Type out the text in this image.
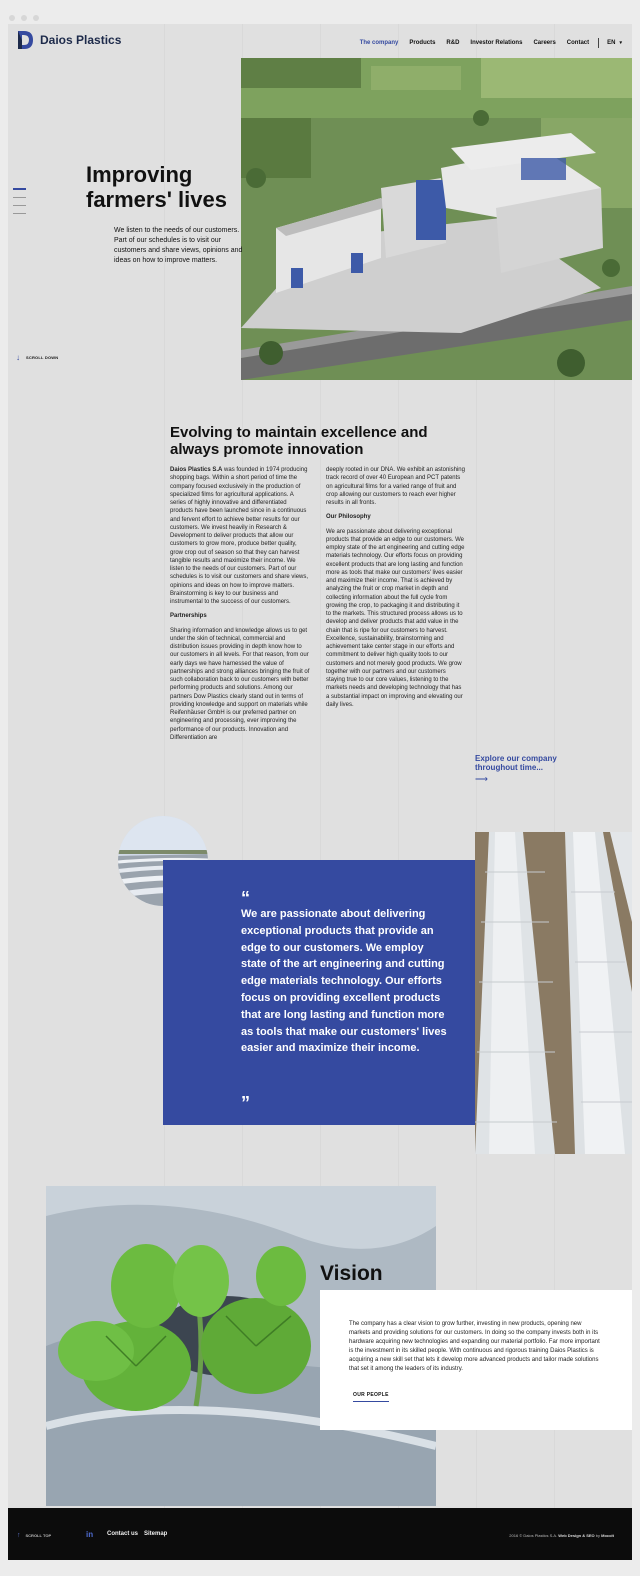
Daios Plastics	The company Products R&D Investor Relations Careers Contact	EN ▾
Improving
farmers' lives

We listen to the needs of our customers. Part of our schedules is to visit our customers and share views, opinions and ideas on how to improve matters.

↓ SCROLL DOWN
Evolving to maintain excellence and always promote innovation

Daios Plastics S.A was founded in 1974 producing shopping bags. Within a short period of time the company focused exclusively in the production of specialized films for agricultural applications. A series of highly innovative and differentiated products have been launched since in a continuous and fervent effort to achieve better results for our customers. We invest heavily in Research & Development to deliver products that allow our customers to grow more, produce better quality, grow crop out of season so that they can harvest tangible results and maximize their income. We listen to the needs of our customers. Part of our schedules is to visit our customers and share views, opinions and ideas on how to improve matters. Brainstorming is key to our business and instrumental to the success of our customers.

Partnerships

Sharing information and knowledge allows us to get under the skin of technical, commercial and distribution issues providing in depth know how to our customers in all levels. For that reason, from our early days we have harnessed the value of partnerships and strong alliances bringing the fruit of such collaboration back to our customers with better performing products and solutions. Among our partners Dow Plastics clearly stand out in terms of providing knowledge and support on materials while Reifenhäuser GmbH is our preferred partner on engineering and processing, ever improving the performance of our products. Innovation and Differentiation are

deeply rooted in our DNA. We exhibit an astonishing track record of over 40 European and PCT patents on agricultural films for a varied range of fruit and crop allowing our customers to reach ever higher results in all fronts.

Our Philosophy

We are passionate about delivering exceptional products that provide an edge to our customers. We employ state of the art engineering and cutting edge materials technology. Our efforts focus on providing excellent products that are long lasting and function more as tools that make our customers' lives easier and maximize their income. That is achieved by analyzing the fruit or crop market in depth and collecting information about the full cycle from growing the crop, to packaging it and distributing it to the markets. This structured process allows us to develop and deliver products that add value in the chain that is ripe for our customers to harvest. Excellence, sustainability, brainstorming and achievement take center stage in our efforts and commitment to deliver high quality tools to our customers and not merely good products. We grow together with our partners and our customers staying true to our core values, listening to the markets needs and developing technology that has a substantial impact on improving and elevating our daily lives.

Explore our company throughout time...
⟶
“

We are passionate about delivering exceptional products that provide an edge to our customers. We employ state of the art engineering and cutting edge materials technology. Our efforts focus on providing excellent products that are long lasting and function more as tools that make our customers' lives easier and maximize their income.

”
Vision

The company has a clear vision to grow further, investing in new products, opening new markets and providing solutions for our customers. In doing so the company invests both in its hardware acquiring new technologies and expanding our material portfolio. Far more important is the investment in its skilled people. With continuous and rigorous training Daios Plastics is acquiring a new skill set that lets it develop more advanced products and tailor made solutions that set it among the leaders of its industry.

OUR PEOPLE
↑ SCROLL TOP	in Contact us Sitemap	2016 © Daios Plastics S.A. Web Design & SEO by Mocolt
